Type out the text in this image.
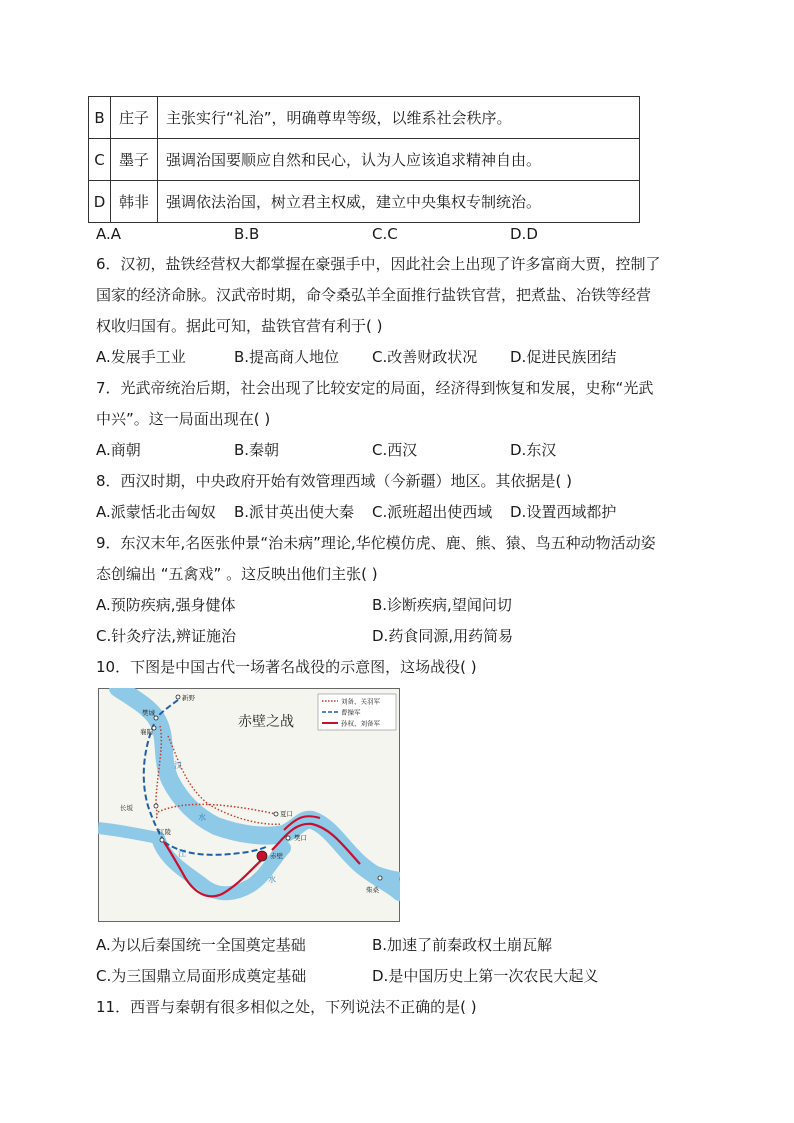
B	庄子	主张实行“礼治”，明确尊卑等级，以维系社会秩序。
C	墨子	强调治国要顺应自然和民心，认为人应该追求精神自由。
D	韩非	强调依法治国，树立君主权威，建立中央集权专制统治。
A.A	B.B	C.C	D.D
6．汉初，盐铁经营权大都掌握在豪强手中，因此社会上出现了许多富商大贾，控制了
国家的经济命脉。汉武帝时期，命令桑弘羊全面推行盐铁官营，把煮盐、冶铁等经营
权收归国有。据此可知，盐铁官营有利于( )
A.发展手工业	B.提高商人地位 C.改善财政状况 D.促进民族团结
7．光武帝统治后期，社会出现了比较安定的局面，经济得到恢复和发展，史称“光武
中兴”。这一局面出现在( )
A.商朝	B.秦朝	C.西汉	D.东汉
8．西汉时期，中央政府开始有效管理西域（今新疆）地区。其依据是( )
A.派蒙恬北击匈奴 B.派甘英出使大秦 C.派班超出使西域 D.设置西域都护
9．东汉末年,名医张仲景“治未病”理论,华佗模仿虎、鹿、熊、猿、鸟五种动物活动姿
态创编出 “五禽戏” 。这反映出他们主张( )
A.预防疾病,强身健体	B.诊断疾病,望闻问切
C.针灸疗法,辨证施治	D.药食同源,用药简易
10．下图是中国古代一场著名战役的示意图，这场战役( )
赤壁之战
刘备、关羽军
曹操军
孙权、刘备军
新野
樊城
襄阳
长坂
江陵
夏口
樊口
赤壁
柴桑
汉
水
江
水
A.为以后秦国统一全国奠定基础	B.加速了前秦政权土崩瓦解
C.为三国鼎立局面形成奠定基础	D.是中国历史上第一次农民大起义
11．西晋与秦朝有很多相似之处，下列说法不正确的是( )
